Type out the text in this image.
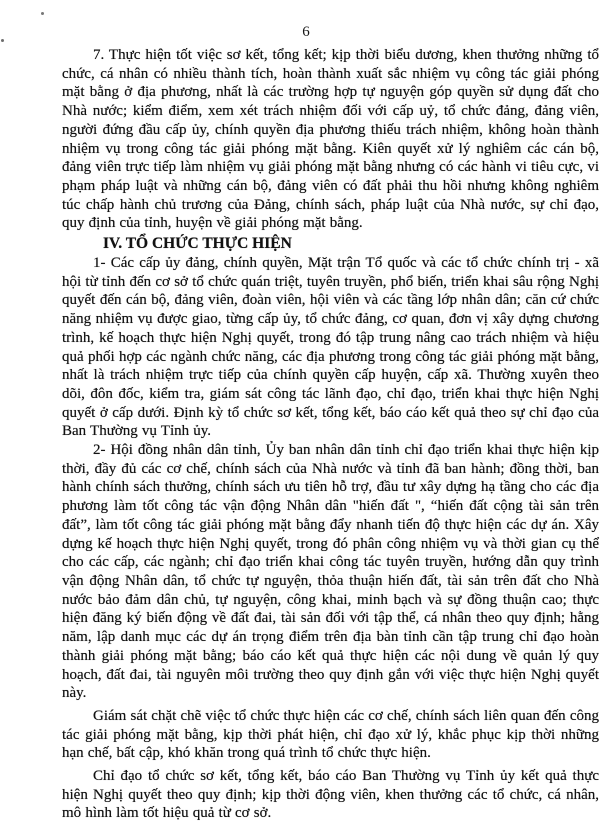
6

7. Thực hiện tốt việc sơ kết, tổng kết; kịp thời biểu dương, khen thưởng những tổ chức, cá nhân có nhiều thành tích, hoàn thành xuất sắc nhiệm vụ công tác giải phóng mặt bằng ở địa phương, nhất là các trường hợp tự nguyện góp quyền sử dụng đất cho Nhà nước; kiểm điểm, xem xét trách nhiệm đối với cấp uỷ, tổ chức đảng, đảng viên, người đứng đầu cấp ủy, chính quyền địa phương thiếu trách nhiệm, không hoàn thành nhiệm vụ trong công tác giải phóng mặt bằng. Kiên quyết xử lý nghiêm các cán bộ, đảng viên trực tiếp làm nhiệm vụ giải phóng mặt bằng nhưng có các hành vi tiêu cực, vi phạm pháp luật và những cán bộ, đảng viên có đất phải thu hồi nhưng không nghiêm túc chấp hành chủ trương của Đảng, chính sách, pháp luật của Nhà nước, sự chỉ đạo, quy định của tỉnh, huyện về giải phóng mặt bằng.

IV. TỔ CHỨC THỰC HIỆN

1- Các cấp ủy đảng, chính quyền, Mặt trận Tổ quốc và các tổ chức chính trị - xã hội từ tỉnh đến cơ sở tổ chức quán triệt, tuyên truyền, phổ biến, triển khai sâu rộng Nghị quyết đến cán bộ, đảng viên, đoàn viên, hội viên và các tầng lớp nhân dân; căn cứ chức năng nhiệm vụ được giao, từng cấp ủy, tổ chức đảng, cơ quan, đơn vị xây dựng chương trình, kế hoạch thực hiện Nghị quyết, trong đó tập trung nâng cao trách nhiệm và hiệu quả phối hợp các ngành chức năng, các địa phương trong công tác giải phóng mặt bằng, nhất là trách nhiệm trực tiếp của chính quyền cấp huyện, cấp xã. Thường xuyên theo dõi, đôn đốc, kiểm tra, giám sát công tác lãnh đạo, chỉ đạo, triển khai thực hiện Nghị quyết ở cấp dưới. Định kỳ tổ chức sơ kết, tổng kết, báo cáo kết quả theo sự chỉ đạo của Ban Thường vụ Tỉnh ủy.

2- Hội đồng nhân dân tỉnh, Ủy ban nhân dân tỉnh chỉ đạo triển khai thực hiện kịp thời, đầy đủ các cơ chế, chính sách của Nhà nước và tỉnh đã ban hành; đồng thời, ban hành chính sách thưởng, chính sách ưu tiên hỗ trợ, đầu tư xây dựng hạ tầng cho các địa phương làm tốt công tác vận động Nhân dân "hiến đất ", “hiến đất cộng tài sản trên đất”, làm tốt công tác giải phóng mặt bằng đẩy nhanh tiến độ thực hiện các dự án. Xây dựng kế hoạch thực hiện Nghị quyết, trong đó phân công nhiệm vụ và thời gian cụ thể cho các cấp, các ngành; chỉ đạo triển khai công tác tuyên truyền, hướng dẫn quy trình vận động Nhân dân, tổ chức tự nguyện, thỏa thuận hiến đất, tài sản trên đất cho Nhà nước bảo đảm dân chủ, tự nguyện, công khai, minh bạch và sự đồng thuận cao; thực hiện đăng ký biến động về đất đai, tài sản đối với tập thể, cá nhân theo quy định; hằng năm, lập danh mục các dự án trọng điểm trên địa bàn tỉnh cần tập trung chỉ đạo hoàn thành giải phóng mặt bằng; báo cáo kết quả thực hiện các nội dung về quản lý quy hoạch, đất đai, tài nguyên môi trường theo quy định gắn với việc thực hiện Nghị quyết này.

Giám sát chặt chẽ việc tổ chức thực hiện các cơ chế, chính sách liên quan đến công tác giải phóng mặt bằng, kịp thời phát hiện, chỉ đạo xử lý, khắc phục kịp thời những hạn chế, bất cập, khó khăn trong quá trình tổ chức thực hiện.

Chỉ đạo tổ chức sơ kết, tổng kết, báo cáo Ban Thường vụ Tỉnh ủy kết quả thực hiện Nghị quyết theo quy định; kịp thời động viên, khen thưởng các tổ chức, cá nhân, mô hình làm tốt hiệu quả từ cơ sở.
